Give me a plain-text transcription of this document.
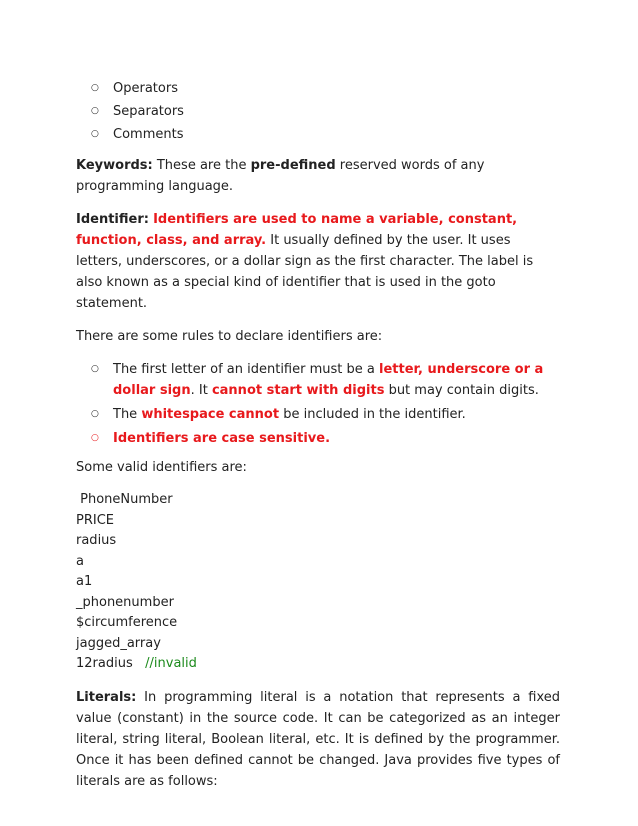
○ Operators
○ Separators
○ Comments

Keywords: These are the pre-defined reserved words of any programming language.

Identifier: Identifiers are used to name a variable, constant, function, class, and array. It usually defined by the user. It uses letters, underscores, or a dollar sign as the first character. The label is also known as a special kind of identifier that is used in the goto statement.

There are some rules to declare identifiers are:

○ The first letter of an identifier must be a letter, underscore or a dollar sign. It cannot start with digits but may contain digits.
○ The whitespace cannot be included in the identifier.
○ Identifiers are case sensitive.

Some valid identifiers are:

PhoneNumber
PRICE
radius
a
a1
_phonenumber
$circumference
jagged_array
12radius //invalid

Literals: In programming literal is a notation that represents a fixed value (constant) in the source code. It can be categorized as an integer literal, string literal, Boolean literal, etc. It is defined by the programmer. Once it has been defined cannot be changed. Java provides five types of literals are as follows:
